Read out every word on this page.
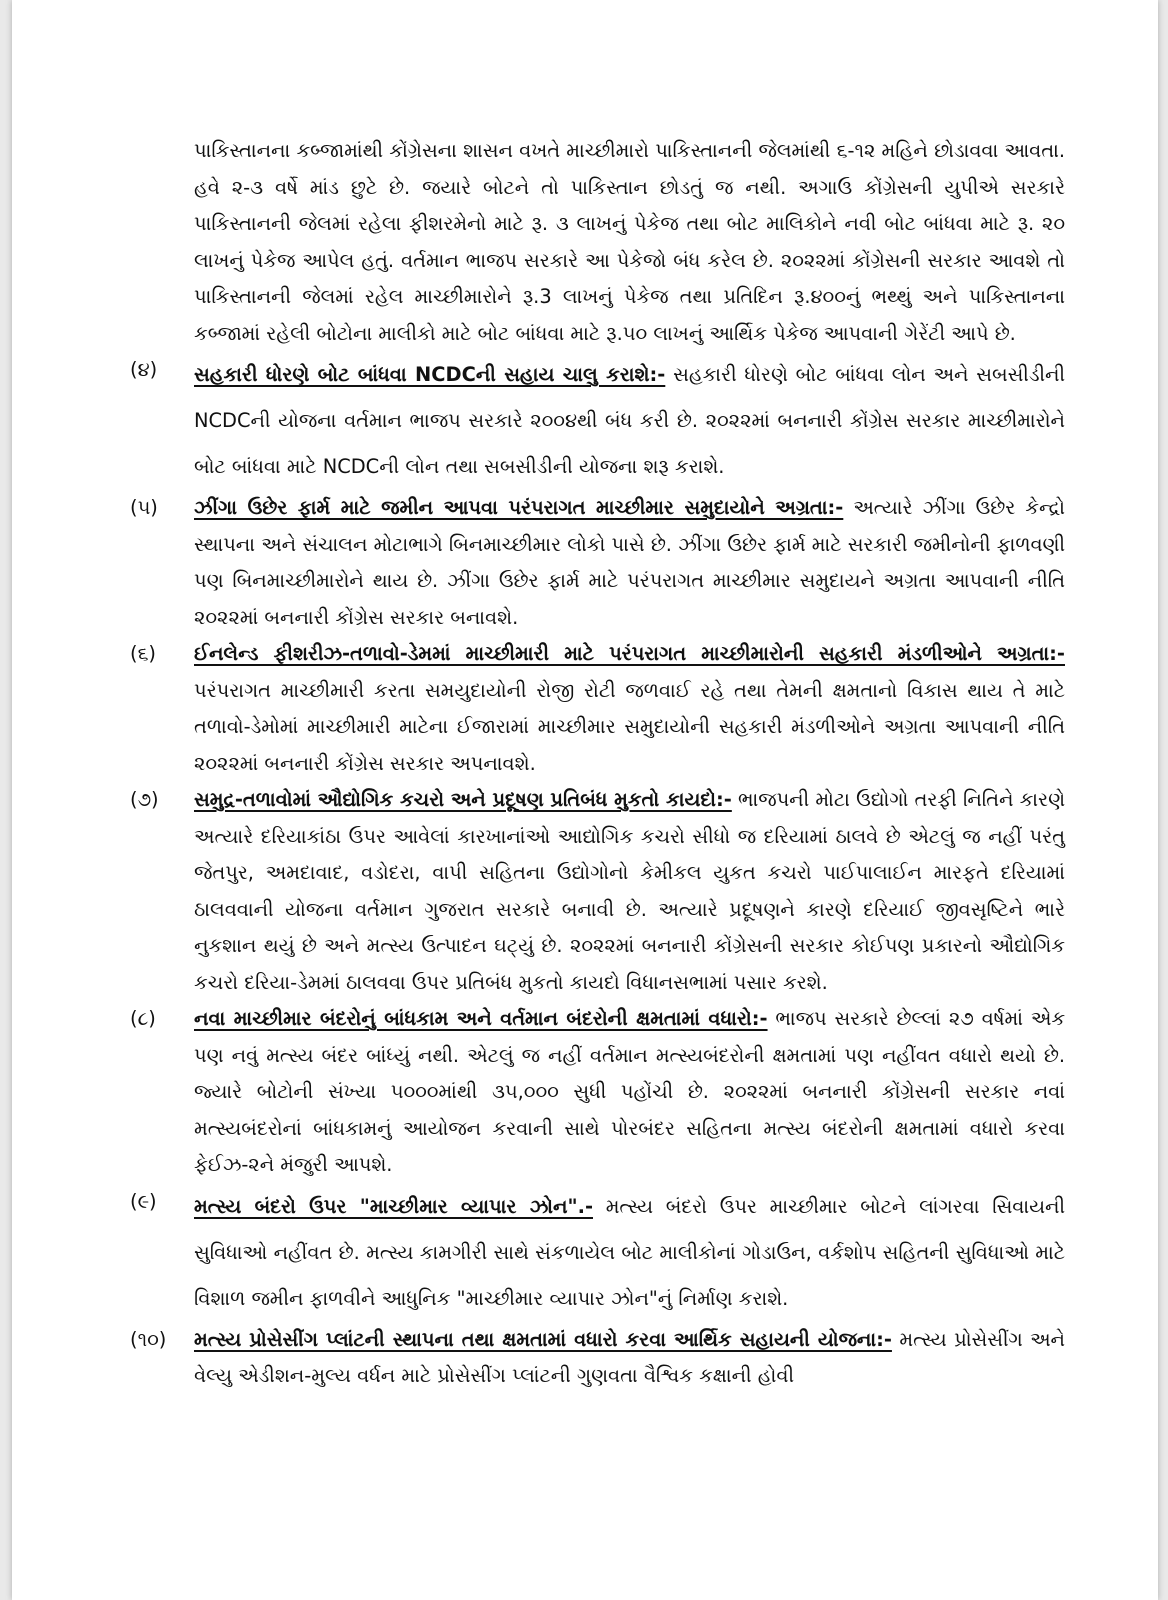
પાકિસ્તાનના કબ્જામાંથી કોંગ્રેસના શાસન વખતે માચ્છીમારો પાકિસ્તાનની જેલમાંથી ૬-૧૨ મહિને છોડાવવા આવતા. હવે ૨-૩ વર્ષે માંડ છુટે છે. જયારે બોટને તો પાકિસ્તાન છોડતું જ નથી. અગાઉ કોંગ્રેસની યુપીએ સરકારે પાકિસ્તાનની જેલમાં રહેલા ફીશરમેનો માટે રૂ. ૩ લાખનું પેકેજ તથા બોટ માલિકોને નવી બોટ બાંધવા માટે રૂ. ૨૦ લાખનું પેકેજ આપેલ હતું. વર્તમાન ભાજપ સરકારે આ પેકેજો બંધ કરેલ છે. ૨૦૨૨માં કોંગ્રેસની સરકાર આવશે તો પાકિસ્તાનની જેલમાં રહેલ માચ્છીમારોને રૂ.3 લાખનું પેકેજ તથા પ્રતિદિન રૂ.૪૦૦નું ભથ્થું અને પાકિસ્તાનના કબ્જામાં રહેલી બોટોના માલીકો માટે બોટ બાંધવા માટે રૂ.૫૦ લાખનું આર્થિક પેકેજ આપવાની ગેરેંટી આપે છે.

(૪) સહકારી ધોરણે બોટ બાંધવા NCDCની સહાય ચાલુ કરાશે:- સહકારી ધોરણે બોટ બાંધવા લોન અને સબસીડીની NCDCની યોજના વર્તમાન ભાજપ સરકારે ૨૦૦૪થી બંધ કરી છે. ૨૦૨૨માં બનનારી કોંગ્રેસ સરકાર માચ્છીમારોને બોટ બાંધવા માટે NCDCની લોન તથા સબસીડીની યોજના શરૂ કરાશે.

(૫) ઝીંગા ઉછેર ફાર્મ માટે જમીન આપવા પરંપરાગત માચ્છીમાર સમુદાયોને અગ્રતા:- અત્યારે ઝીંગા ઉછેર કેન્દ્રો સ્થાપના અને સંચાલન મોટાભાગે બિનમાચ્છીમાર લોકો પાસે છે. ઝીંગા ઉછેર ફાર્મ માટે સરકારી જમીનોની ફાળવણી પણ બિનમાચ્છીમારોને થાય છે. ઝીંગા ઉછેર ફાર્મ માટે પરંપરાગત માચ્છીમાર સમુદાયને અગ્રતા આપવાની નીતિ ૨૦૨૨માં બનનારી કોંગ્રેસ સરકાર બનાવશે.

(૬) ઈનલેન્ડ ફીશરીઝ-તળાવો-ડેમમાં માચ્છીમારી માટે પરંપરાગત માચ્છીમારોની સહકારી મંડળીઓને અગ્રતા:- પરંપરાગત માચ્છીમારી કરતા સમયુદાયોની રોજી રોટી જળવાઈ રહે તથા તેમની ક્ષમતાનો વિકાસ થાય તે માટે તળાવો-ડેમોમાં માચ્છીમારી માટેના ઈજારામાં માચ્છીમાર સમુદાયોની સહકારી મંડળીઓને અગ્રતા આપવાની નીતિ ૨૦૨૨માં બનનારી કોંગ્રેસ સરકાર અપનાવશે.

(૭) સમુદ્ર-તળાવોમાં ઔદ્યોગિક કચરો અને પ્રદૂષણ પ્રતિબંધ મુકતો કાયદો:- ભાજપની મોટા ઉદ્યોગો તરફી નિતિને કારણે અત્યારે દરિયાકાંઠા ઉપર આવેલાં કારખાનાંઓ આદ્યોગિક કચરો સીધો જ દરિયામાં ઠાલવે છે એટલું જ નહીં પરંતુ જેતપુર, અમદાવાદ, વડોદરા, વાપી સહિતના ઉદ્યોગોનો કેમીકલ યુકત કચરો પાઈપાલાઈન મારફતે દરિયામાં ઠાલવવાની યોજના વર્તમાન ગુજરાત સરકારે બનાવી છે. અત્યારે પ્રદૂષણને કારણે દરિયાઈ જીવસૃષ્ટિને ભારે નુકશાન થયું છે અને મત્સ્ય ઉત્પાદન ઘટ્યું છે. ૨૦૨૨માં બનનારી કોંગ્રેસની સરકાર કોઈપણ પ્રકારનો ઔદ્યોગિક કચરો દરિયા-ડેમમાં ઠાલવવા ઉપર પ્રતિબંધ મુકતો કાયદો વિધાનસભામાં પસાર કરશે.

(૮) નવા માચ્છીમાર બંદરોનું બાંધકામ અને વર્તમાન બંદરોની ક્ષમતામાં વધારો:- ભાજપ સરકારે છેલ્લાં ૨૭ વર્ષમાં એક પણ નવું મત્સ્ય બંદર બાંધ્યું નથી. એટલું જ નહીં વર્તમાન મત્સ્યબંદરોની ક્ષમતામાં પણ નહીંવત વધારો થયો છે. જ્યારે બોટોની સંખ્યા ૫૦૦૦માંથી ૩૫,૦૦૦ સુધી પહોંચી છે. ૨૦૨૨માં બનનારી કોંગ્રેસની સરકાર નવાં મત્સ્યબંદરોનાં બાંધકામનું આયોજન કરવાની સાથે પોરબંદર સહિતના મત્સ્ય બંદરોની ક્ષમતામાં વધારો કરવા ફેઈઝ-૨ને મંજુરી આપશે.

(૯) મત્સ્ય બંદરો ઉપર "માચ્છીમાર વ્યાપાર ઝોન".- મત્સ્ય બંદરો ઉપર માચ્છીમાર બોટને લાંગરવા સિવાયની સુવિધાઓ નહીંવત છે. મત્સ્ય કામગીરી સાથે સંકળાયેલ બોટ માલીકોનાં ગોડાઉન, વર્કશોપ સહિતની સુવિધાઓ માટે વિશાળ જમીન ફાળવીને આધુનિક "માચ્છીમાર વ્યાપાર ઝોન"નું નિર્માણ કરાશે.

(૧૦) મત્સ્ય પ્રોસેસીંગ પ્લાંટની સ્થાપના તથા ક્ષમતામાં વધારો કરવા આર્થિક સહાયની યોજના:- મત્સ્ય પ્રોસેસીંગ અને વેલ્યુ એડીશન-મુલ્ય વર્ધન માટે પ્રોસેસીંગ પ્લાંટની ગુણવતા વૈશ્વિક કક્ષાની હોવી
